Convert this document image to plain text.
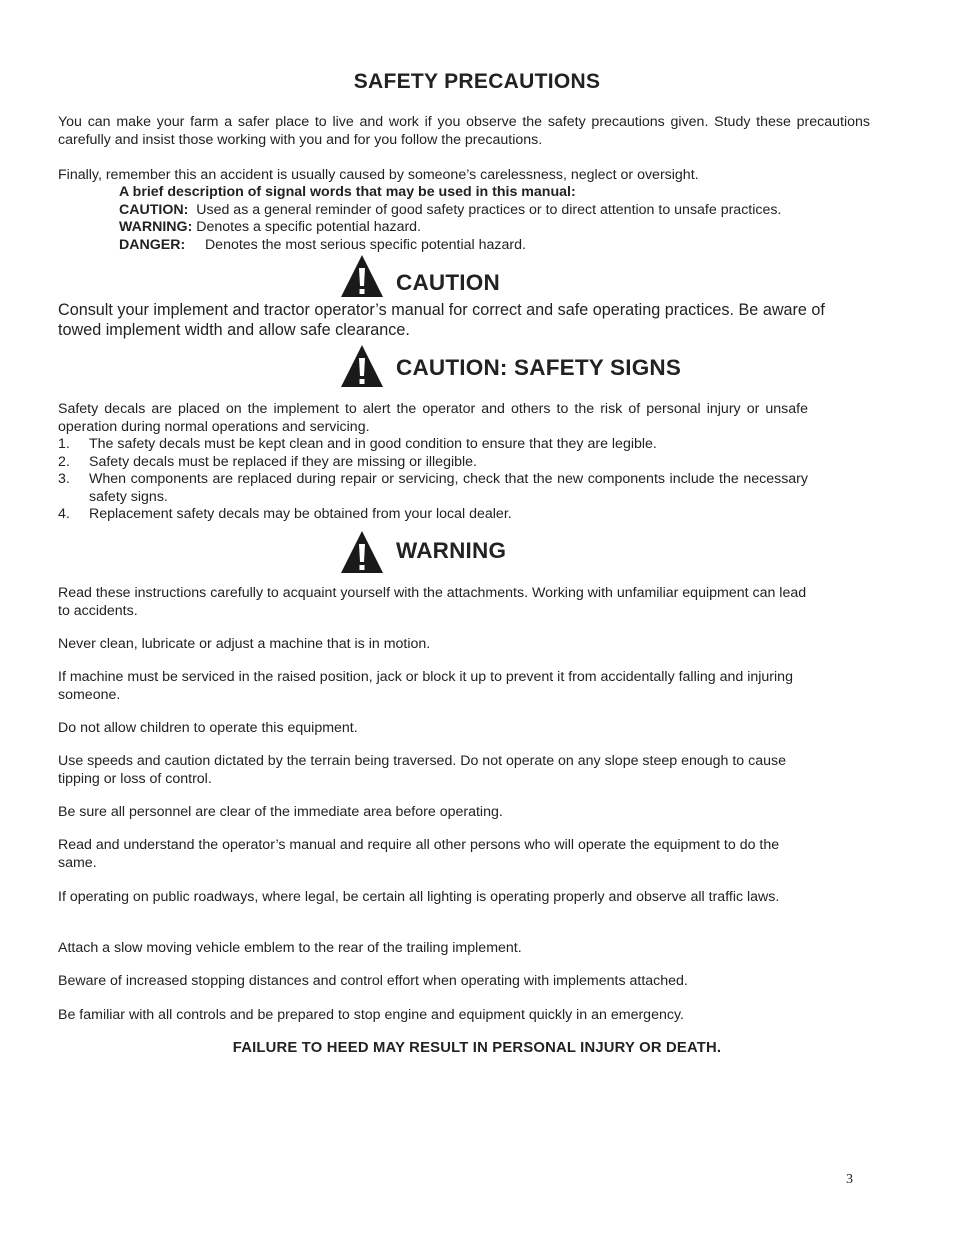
SAFETY PRECAUTIONS
You can make your farm a safer place to live and work if you observe the safety precautions given. Study these precautions carefully and insist those working with you and for you follow the precautions.
Finally, remember this an accident is usually caused by someone’s carelessness, neglect or oversight.
A brief description of signal words that may be used in this manual:
CAUTION: Used as a general reminder of good safety practices or to direct attention to unsafe practices.
WARNING: Denotes a specific potential hazard.
DANGER: Denotes the most serious specific potential hazard.
CAUTION
Consult your implement and tractor operator’s manual for correct and safe operating practices. Be aware of towed implement width and allow safe clearance.
CAUTION: SAFETY SIGNS
Safety decals are placed on the implement to alert the operator and others to the risk of personal injury or unsafe operation during normal operations and servicing.
1.	The safety decals must be kept clean and in good condition to ensure that they are legible.
2.	Safety decals must be replaced if they are missing or illegible.
3.	When components are replaced during repair or servicing, check that the new components include the necessary safety signs.
4.	Replacement safety decals may be obtained from your local dealer.
WARNING
Read these instructions carefully to acquaint yourself with the attachments. Working with unfamiliar equipment can lead to accidents.
Never clean, lubricate or adjust a machine that is in motion.
If machine must be serviced in the raised position, jack or block it up to prevent it from accidentally falling and injuring someone.
Do not allow children to operate this equipment.
Use speeds and caution dictated by the terrain being traversed. Do not operate on any slope steep enough to cause tipping or loss of control.
Be sure all personnel are clear of the immediate area before operating.
Read and understand the operator’s manual and require all other persons who will operate the equipment to do the same.
If operating on public roadways, where legal, be certain all lighting is operating properly and observe all traffic laws.
Attach a slow moving vehicle emblem to the rear of the trailing implement.
Beware of increased stopping distances and control effort when operating with implements attached.
Be familiar with all controls and be prepared to stop engine and equipment quickly in an emergency.
FAILURE TO HEED MAY RESULT IN PERSONAL INJURY OR DEATH.
3
